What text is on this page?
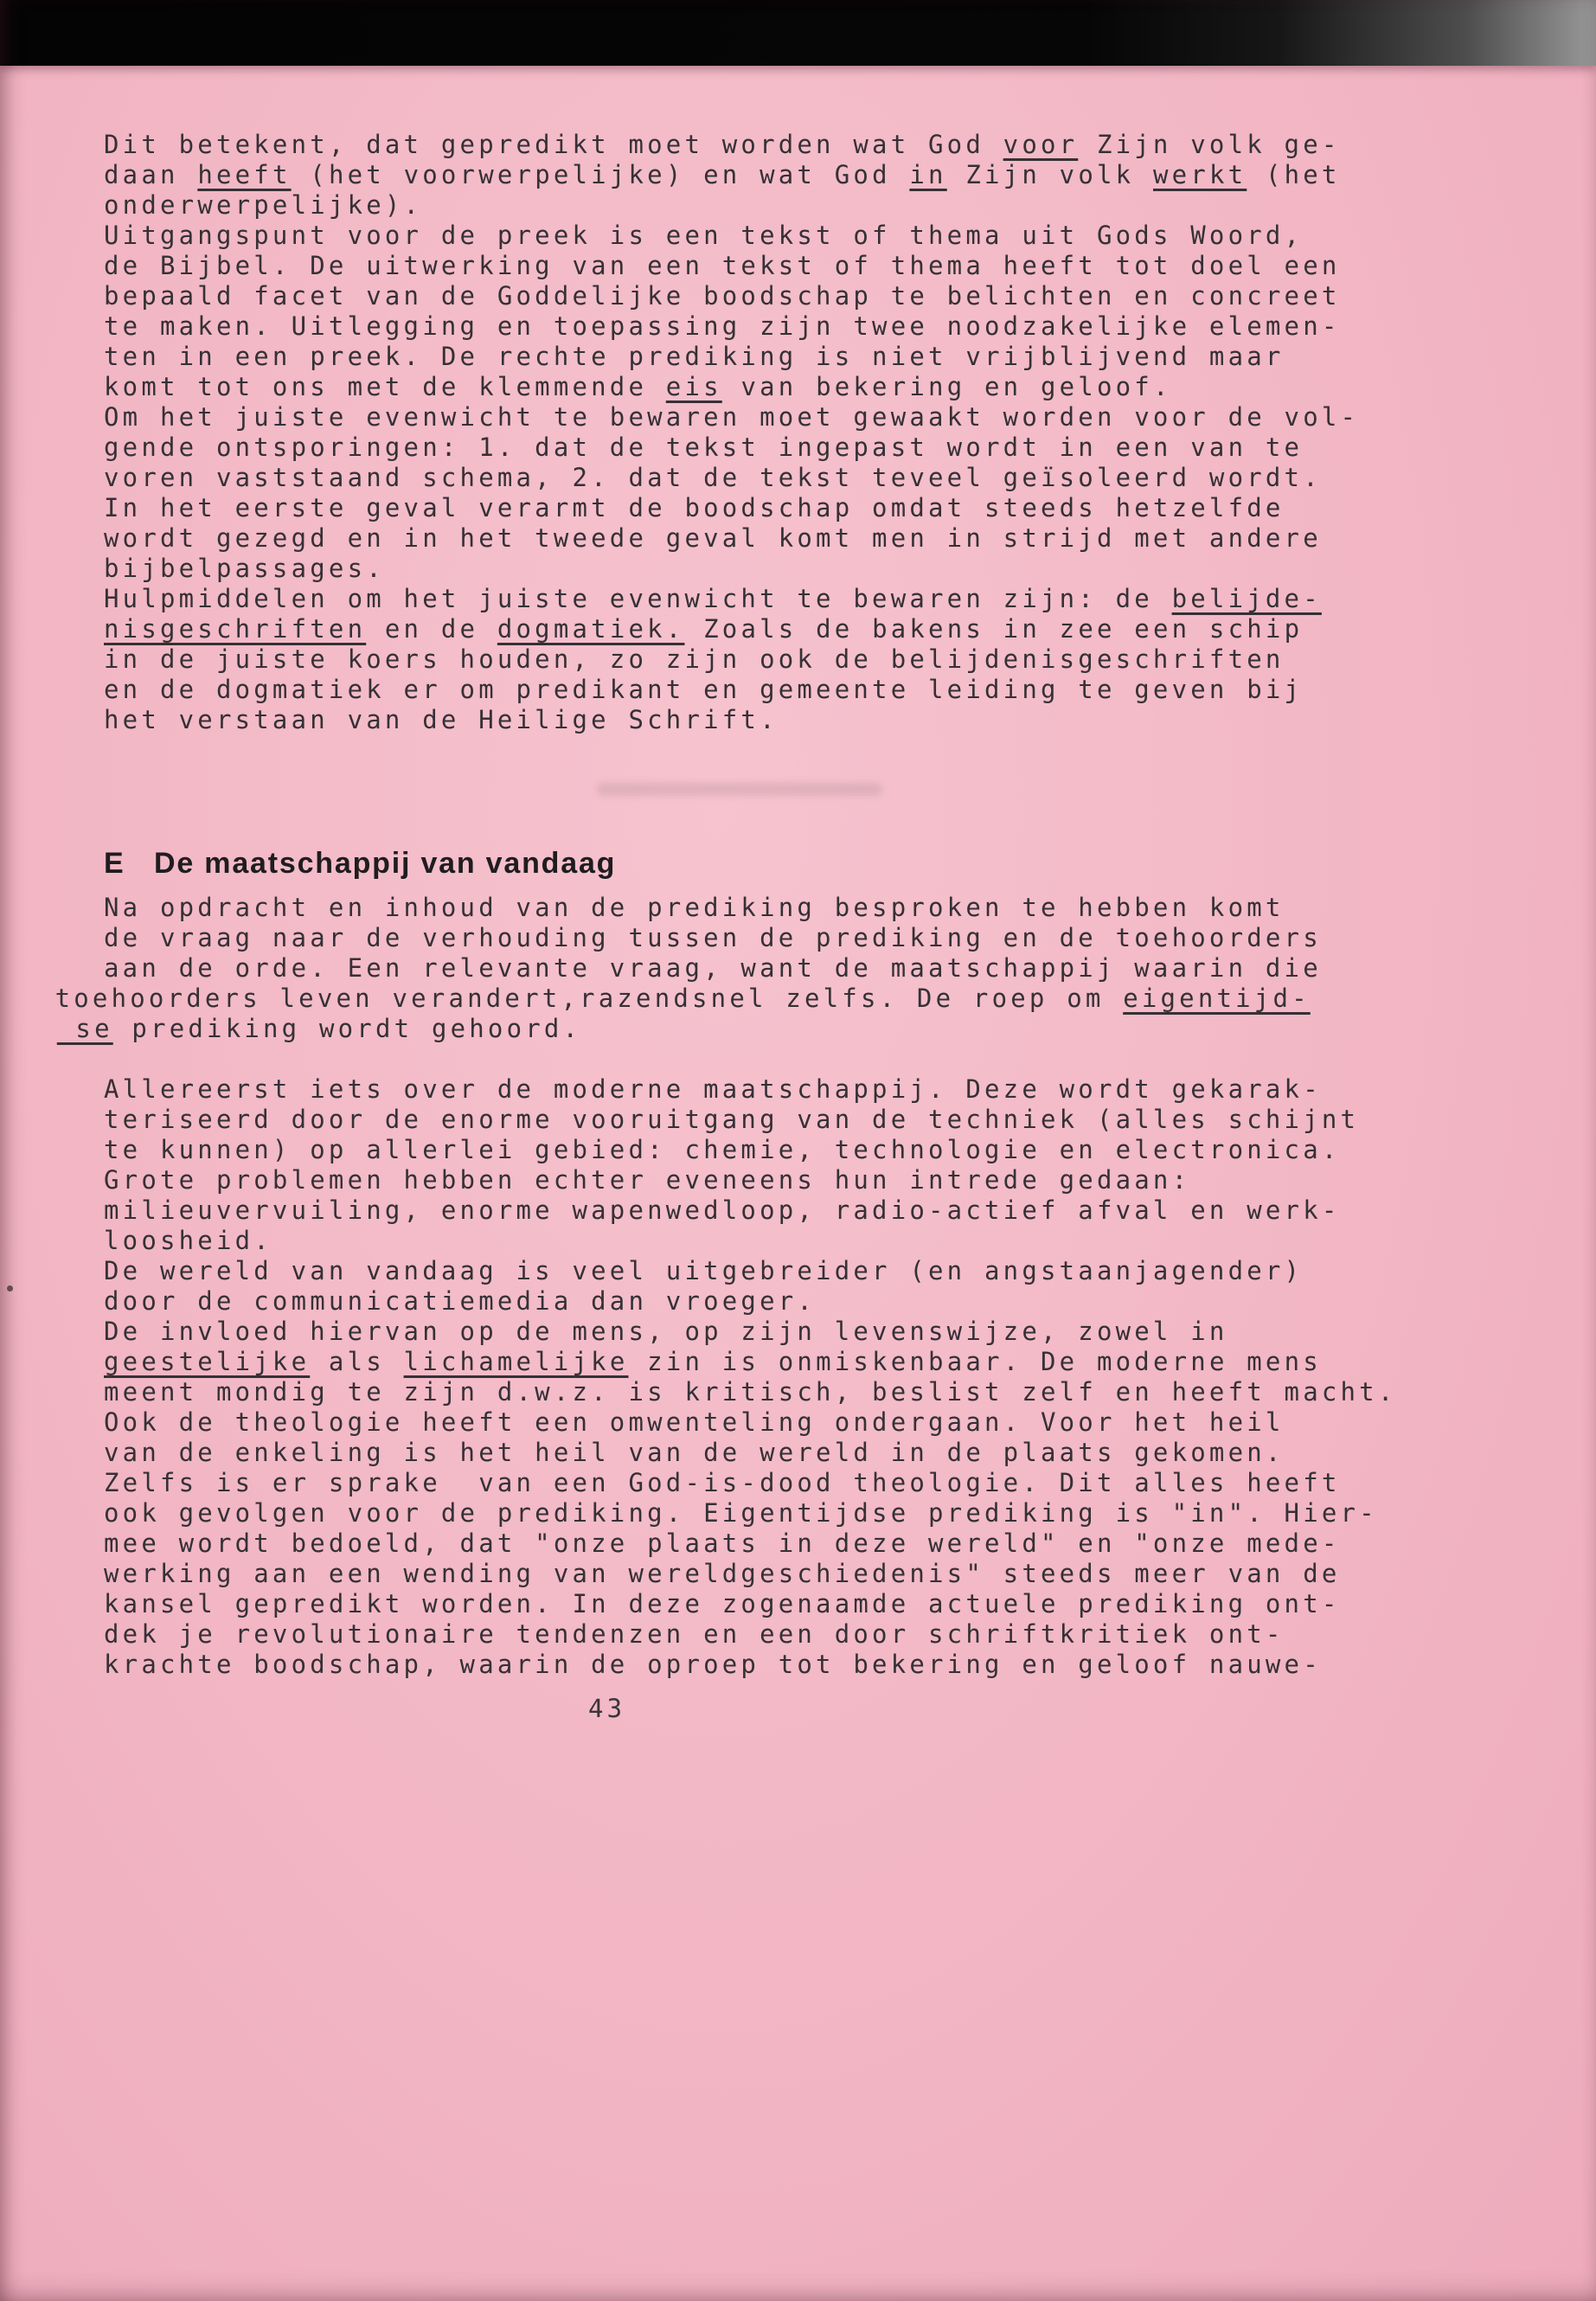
Dit betekent, dat gepredikt moet worden wat God voor Zijn volk ge-
daan heeft (het voorwerpelijke) en wat God in Zijn volk werkt (het
onderwerpelijke).
Uitgangspunt voor de preek is een tekst of thema uit Gods Woord,
de Bijbel. De uitwerking van een tekst of thema heeft tot doel een
bepaald facet van de Goddelijke boodschap te belichten en concreet
te maken. Uitlegging en toepassing zijn twee noodzakelijke elemen-
ten in een preek. De rechte prediking is niet vrijblijvend maar
komt tot ons met de klemmende eis van bekering en geloof.
Om het juiste evenwicht te bewaren moet gewaakt worden voor de vol-
gende ontsporingen: 1. dat de tekst ingepast wordt in een van te
voren vaststaand schema, 2. dat de tekst teveel geïsoleerd wordt.
In het eerste geval verarmt de boodschap omdat steeds hetzelfde
wordt gezegd en in het tweede geval komt men in strijd met andere
bijbelpassages.
Hulpmiddelen om het juiste evenwicht te bewaren zijn: de belijde-
nisgeschriften en de dogmatiek. Zoals de bakens in zee een schip
in de juiste koers houden, zo zijn ook de belijdenisgeschriften
en de dogmatiek er om predikant en gemeente leiding te geven bij
het verstaan van de Heilige Schrift.
E De maatschappij van vandaag
Na opdracht en inhoud van de prediking besproken te hebben komt
de vraag naar de verhouding tussen de prediking en de toehoorders
aan de orde. Een relevante vraag, want de maatschappij waarin die
toehoorders leven verandert,razendsnel zelfs. De roep om eigentijd-
se prediking wordt gehoord.
Allereerst iets over de moderne maatschappij. Deze wordt gekarak-
teriseerd door de enorme vooruitgang van de techniek (alles schijnt
te kunnen) op allerlei gebied: chemie, technologie en electronica.
Grote problemen hebben echter eveneens hun intrede gedaan:
milieuvervuiling, enorme wapenwedloop, radio-actief afval en werk-
loosheid.
De wereld van vandaag is veel uitgebreider (en angstaanjagender)
door de communicatiemedia dan vroeger.
De invloed hiervan op de mens, op zijn levenswijze, zowel in
geestelijke als lichamelijke zin is onmiskenbaar. De moderne mens
meent mondig te zijn d.w.z. is kritisch, beslist zelf en heeft macht.
Ook de theologie heeft een omwenteling ondergaan. Voor het heil
van de enkeling is het heil van de wereld in de plaats gekomen.
Zelfs is er sprake  van een God-is-dood theologie. Dit alles heeft
ook gevolgen voor de prediking. Eigentijdse prediking is "in". Hier-
mee wordt bedoeld, dat "onze plaats in deze wereld" en "onze mede-
werking aan een wending van wereldgeschiedenis" steeds meer van de
kansel gepredikt worden. In deze zogenaamde actuele prediking ont-
dek je revolutionaire tendenzen en een door schriftkritiek ont-
krachte boodschap, waarin de oproep tot bekering en geloof nauwe-
43
